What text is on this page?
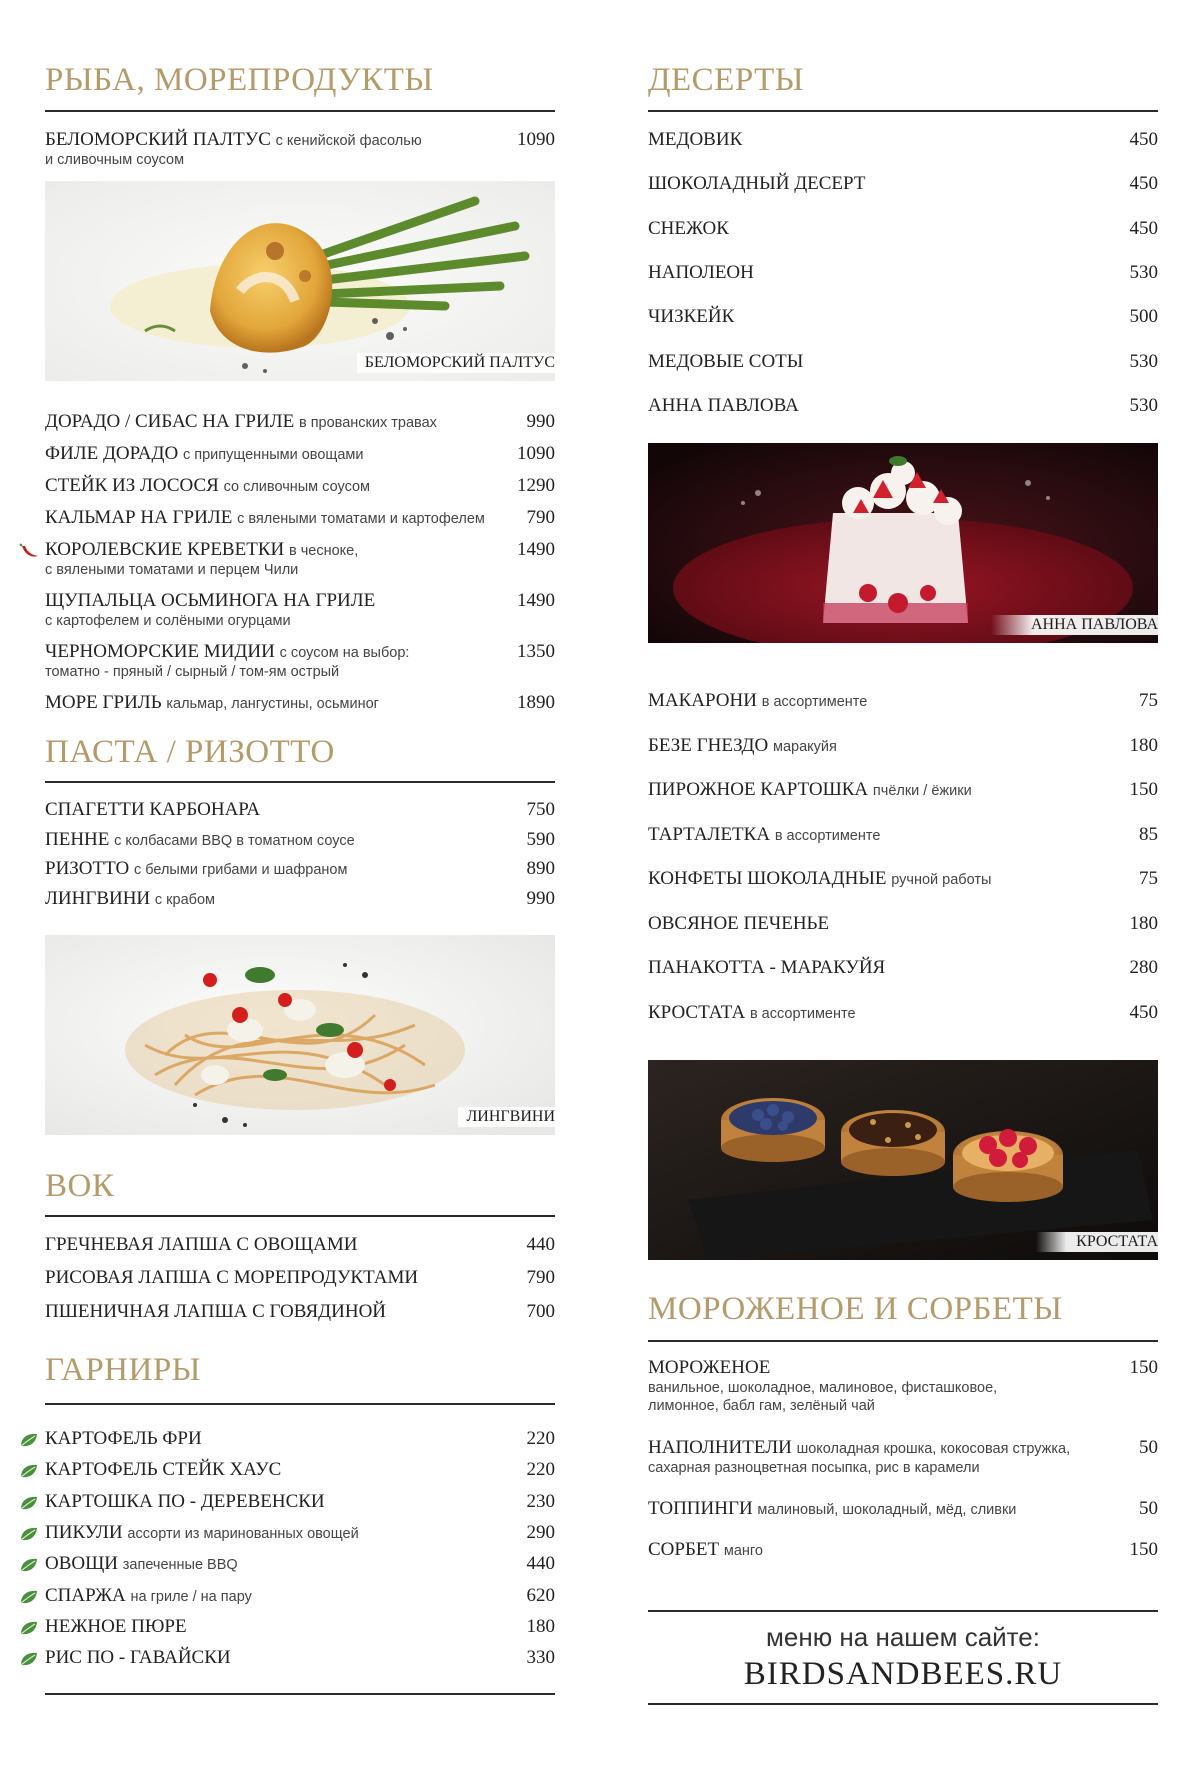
РЫБА, МОРЕПРОДУКТЫ
БЕЛОМОРСКИЙ ПАЛТУС с кенийской фасолью	1090
и сливочным соусом
БЕЛОМОРСКИЙ ПАЛТУС
ДОРАДО / СИБАС НА ГРИЛЕ в прованских травах	990
ФИЛЕ ДОРАДО с припущенными овощами	1090
СТЕЙК ИЗ ЛОСОСЯ со сливочным соусом	1290
КАЛЬМАР НА ГРИЛЕ с вялеными томатами и картофелем 790
КОРОЛЕВСКИЕ КРЕВЕТКИ в чесноке,	1490
с вялеными томатами и перцем Чили
ЩУПАЛЬЦА ОСЬМИНОГА НА ГРИЛЕ	1490
с картофелем и солёными огурцами
ЧЕРНОМОРСКИЕ МИДИИ с соусом на выбор:	1350
томатно - пряный / сырный / том-ям острый
МОРЕ ГРИЛЬ кальмар, лангустины, осьминог	1890
ПАСТА / РИЗОТТО
СПАГЕТТИ КАРБОНАРА	750
ПЕННЕ с колбасами BBQ в томатном соусе	590
РИЗОТТО с белыми грибами и шафраном	890
ЛИНГВИНИ с крабом	990
ЛИНГВИНИ
ВОК
ГРЕЧНЕВАЯ ЛАПША С ОВОЩАМИ	440
РИСОВАЯ ЛАПША С МОРЕПРОДУКТАМИ	790
ПШЕНИЧНАЯ ЛАПША С ГОВЯДИНОЙ	700
ГАРНИРЫ
КАРТОФЕЛЬ ФРИ	220
КАРТОФЕЛЬ СТЕЙК ХАУС	220
КАРТОШКА ПО - ДЕРЕВЕНСКИ	230
ПИКУЛИ ассорти из маринованных овощей	290
ОВОЩИ запеченные BBQ	440
СПАРЖА на гриле / на пару	620
НЕЖНОЕ ПЮРЕ	180
РИС ПО - ГАВАЙСКИ	330
ДЕСЕРТЫ
МЕДОВИК	450
ШОКОЛАДНЫЙ ДЕСЕРТ	450
СНЕЖОК	450
НАПОЛЕОН	530
ЧИЗКЕЙК	500
МЕДОВЫЕ СОТЫ	530
АННА ПАВЛОВА	530
АННА ПАВЛОВА
МАКАРОНИ в ассортименте	75
БЕЗЕ ГНЕЗДО маракуйя	180
ПИРОЖНОЕ КАРТОШКА пчёлки / ёжики	150
ТАРТАЛЕТКА в ассортименте	85
КОНФЕТЫ ШОКОЛАДНЫЕ ручной работы	75
ОВСЯНОЕ ПЕЧЕНЬЕ	180
ПАНАКОТТА - МАРАКУЙЯ	280
КРОСТАТА в ассортименте	450
КРОСТАТА
МОРОЖЕНОЕ И СОРБЕТЫ
МОРОЖЕНОЕ	150
ванильное, шоколадное, малиновое, фисташковое,
лимонное, бабл гам, зелёный чай
НАПОЛНИТЕЛИ шоколадная крошка, кокосовая стружка,	50
сахарная разноцветная посыпка, рис в карамели
ТОППИНГИ малиновый, шоколадный, мёд, сливки	50
СОРБЕТ манго	150
меню на нашем сайте:
BIRDSANDBEES.RU
